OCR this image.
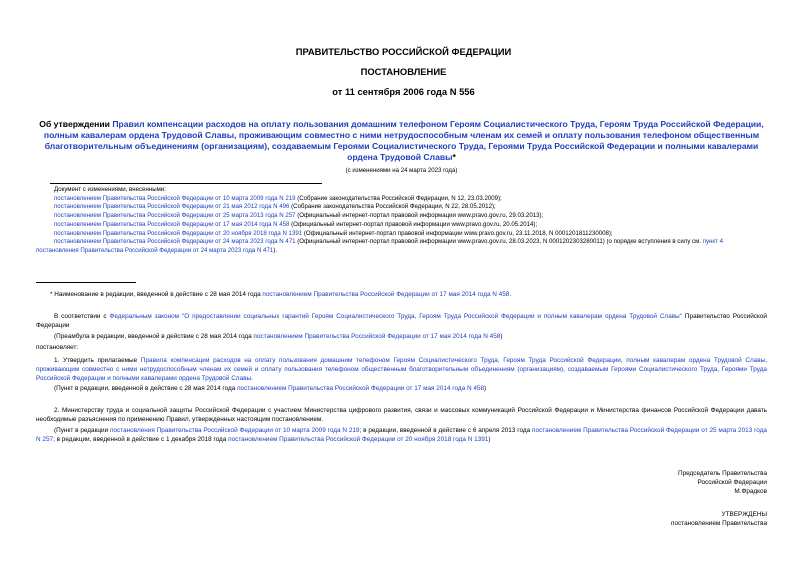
ПРАВИТЕЛЬСТВО РОССИЙСКОЙ ФЕДЕРАЦИИ
ПОСТАНОВЛЕНИЕ
от 11 сентября 2006 года N 556
Об утверждении Правил компенсации расходов на оплату пользования домашним телефоном Героям Социалистического Труда, Героям Труда Российской Федерации, полным кавалерам ордена Трудовой Славы, проживающим совместно с ними нетрудоспособным членам их семей и оплату пользования телефоном общественным благотворительным объединениям (организациям), создаваемым Героями Социалистического Труда, Героями Труда Российской Федерации и полными кавалерами ордена Трудовой Славы*
(с изменениями на 24 марта 2023 года)
Документ с изменениями, внесенными:
постановлением Правительства Российской Федерации от 10 марта 2009 года N 219 (Собрание законодательства Российской Федерации, N 12, 23.03.2009);
постановлением Правительства Российской Федерации от 21 мая 2012 года N 496 (Собрание законодательства Российской Федерации, N 22, 28.05.2012);
постановлением Правительства Российской Федерации от 25 марта 2013 года N 257 (Официальный интернет-портал правовой информации www.pravo.gov.ru, 29.03.2013);
постановлением Правительства Российской Федерации от 17 мая 2014 года N 458 (Официальный интернет-портал правовой информации www.pravo.gov.ru, 20.05.2014);
постановлением Правительства Российской Федерации от 20 ноября 2018 года N 1391 (Официальный интернет-портал правовой информации www.pravo.gov.ru, 23.11.2018, N 0001201811230008);
постановлением Правительства Российской Федерации от 24 марта 2023 года N 471 (Официальный интернет-портал правовой информации www.pravo.gov.ru, 28.03.2023, N 0001202303280011) (о порядке вступления в силу см. пункт 4 постановления Правительства Российской Федерации от 24 марта 2023 года N 471).
* Наименование в редакции, введенной в действие с 28 мая 2014 года постановлением Правительства Российской Федерации от 17 мая 2014 года N 458.
В соответствии с Федеральным законом "О предоставлении социальных гарантий Героям Социалистического Труда, Героям Труда Российской Федерации и полным кавалерам ордена Трудовой Славы" Правительство Российской Федерации
(Преамбула в редакции, введенной в действие с 28 мая 2014 года постановлением Правительства Российской Федерации от 17 мая 2014 года N 458)
постановляет:
1. Утвердить прилагаемые Правила компенсации расходов на оплату пользования домашним телефоном Героям Социалистического Труда, Героям Труда Российской Федерации, полным кавалерам ордена Трудовой Славы, проживающим совместно с ними нетрудоспособным членам их семей и оплату пользования телефоном общественным благотворительным объединениям (организациям), создаваемым Героями Социалистического Труда, Героями Труда Российской Федерации и полными кавалерами ордена Трудовой Славы.
(Пункт в редакции, введенной в действие с 28 мая 2014 года постановлением Правительства Российской Федерации от 17 мая 2014 года N 458)
2. Министерству труда и социальной защиты Российской Федерации с участием Министерства цифрового развития, связи и массовых коммуникаций Российской Федерации и Министерства финансов Российской Федерации давать необходимые разъяснения по применению Правил, утвержденных настоящим постановлением.
(Пункт в редакции постановления Правительства Российской Федерации от 10 марта 2009 года N 219; в редакции, введенной в действие с 6 апреля 2013 года постановлением Правительства Российской Федерации от 25 марта 2013 года N 257; в редакции, введенной в действие с 1 декабря 2018 года постановлением Правительства Российской Федерации от 20 ноября 2018 года N 1391)
Председатель Правительства
Российской Федерации
М.Фрадков
УТВЕРЖДЕНЫ
постановлением Правительства
